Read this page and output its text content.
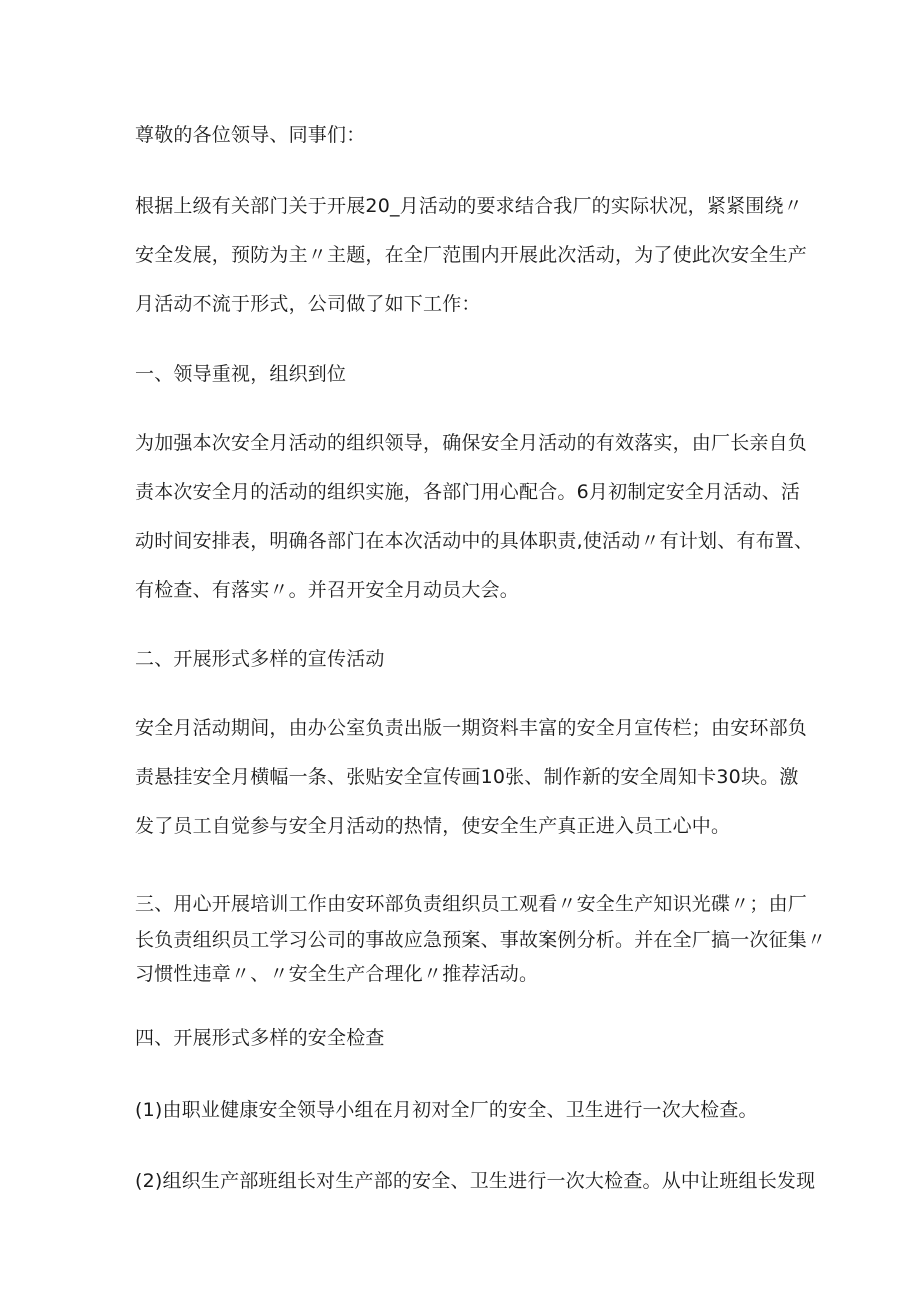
尊敬的各位领导、同事们：
根据上级有关部门关于开展20_月活动的要求结合我厂的实际状况，紧紧围绕〃
安全发展，预防为主〃主题，在全厂范围内开展此次活动，为了使此次安全生产
月活动不流于形式，公司做了如下工作：
一、领导重视，组织到位
为加强本次安全月活动的组织领导，确保安全月活动的有效落实，由厂长亲自负
责本次安全月的活动的组织实施，各部门用心配合。6月初制定安全月活动、活
动时间安排表，明确各部门在本次活动中的具体职责,使活动〃有计划、有布置、
有检查、有落实〃。并召开安全月动员大会。
二、开展形式多样的宣传活动
安全月活动期间，由办公室负责出版一期资料丰富的安全月宣传栏；由安环部负
责悬挂安全月横幅一条、张贴安全宣传画10张、制作新的安全周知卡30块。激
发了员工自觉参与安全月活动的热情，使安全生产真正进入员工心中。
三、用心开展培训工作由安环部负责组织员工观看〃安全生产知识光碟〃；由厂
长负责组织员工学习公司的事故应急预案、事故案例分析。并在全厂搞一次征集〃
习惯性违章〃、〃安全生产合理化〃推荐活动。
四、开展形式多样的安全检查
(1)由职业健康安全领导小组在月初对全厂的安全、卫生进行一次大检查。
(2)组织生产部班组长对生产部的安全、卫生进行一次大检查。从中让班组长发现
